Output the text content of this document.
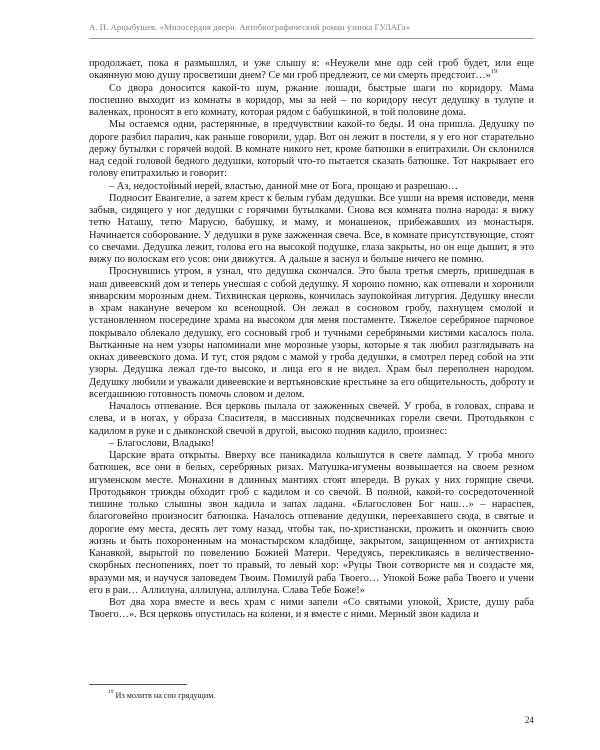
А. П. Арцыбушев. «Милосердия двери. Автобиографический роман узника ГУЛАГа»

продолжает, пока я размышлял, и уже слышу я: «Неужели мне одр сей гроб будет, или еще окаянную мою душу просветиши днем? Се ми гроб предлежит, се ми смерть предстоит…»$^{19}$

Со двора доносится какой-то шум, ржание лошади, быстрые шаги по коридору. Мама поспешно выходит из комнаты в коридор, мы за ней – по коридору несут дедушку в тулупе и валенках, проносят в его комнату, которая рядом с бабушкиной, в той половине дома.

Мы остаемся одни, растерянные, в предчувствии какой-то беды. И она пришла. Дедушку по дороге разбил паралич, как раньше говорили, удар. Вот он лежит в постели, я у его ног старательно держу бутылки с горячей водой. В комнате никого нет, кроме батюшки в епитрахили. Он склонился над седой головой бедного дедушки, который что-то пытается сказать батюшке. Тот накрывает его голову епитрахилью и говорит:

– Аз, недостойный иерей, властью, данной мне от Бога, прощаю и разрешаю…

Подносит Евангелие, а затем крест к белым губам дедушки. Все ушли на время исповеди, меня забыв, сидящего у ног дедушки с горячими бутылками. Снова вся комната полна народа: я вижу тетю Наташу, тетю Марусю, бабушку, и маму, и монашенок, прибежавших из монастыря. Начинается соборование. У дедушки в руке зажженная свеча. Все, в комнате присутствующие, стоят со свечами. Дедушка лежит, голова его на высокой подушке, глаза закрыты, но он еще дышит, я это вижу по волоскам его усов: они движутся. А дальше я заснул и больше ничего не помню.

Проснувшись утром, я узнал, что дедушка скончался. Это была третья смерть, пришедшая в наш дивеевский дом и теперь унесшая с собой дедушку. Я хорошо помню, как отпевали и хоронили январским морозным днем. Тихвинская церковь, кончилась заупокойная литургия. Дедушку внесли в храм накануне вечером ко всенощной. Он лежал в сосновом гробу, пахнущем смолой и установленном посередине храма на высоком для меня постаменте. Тяжелое серебряное парчовое покрывало облекало дедушку, его сосновый гроб и тучными серебряными кистями касалось пола. Вытканные на нем узоры напоминали мне морозные узоры, которые я так любил разглядывать на окнах дивеевского дома. И тут, стоя рядом с мамой у гроба дедушки, я смотрел перед собой на эти узоры. Дедушка лежал где-то высоко, и лица его я не видел. Храм был переполнен народом. Дедушку любили и уважали дивеевские и вертьяновские крестьяне за его общительность, доброту и всегдашнюю готовность помочь словом и делом.

Началось отпевание. Вся церковь пылала от зажженных свечей. У гроба, в головах, справа и слева, и в ногах, у образа Спасителя, в массивных подсвечниках горели свечи. Протодьякон с кадилом в руке и с дьяконской свечой в другой, высоко подняв кадило, произнес:

– Благослови, Владыко!

Царские врата открыты. Вверху все паникадила колышутся в свете лампад. У гроба много батюшек, все они в белых, серебряных ризах. Матушка-игумены возвышается на своем резном игуменском месте. Монахини в длинных мантиях стоят впереди. В руках у них горящие свечи. Протодьякон трижды обходит гроб с кадилом и со свечой. В полной, какой-то сосредоточенной тишине только слышны звон кадила и запах ладана. «Благословен Бог наш…» – нараспев, благоговейно произносит батюшка. Началось отпевание дедушки, переехавшего сюда, в святые и дорогие ему места, десять лет тому назад, чтобы так, по-христиански, прожить и окончить свою жизнь и быть похороненным на монастырском кладбище, закрытом, защищенном от антихриста Канавкой, вырытой по повелению Божией Матери. Чередуясь, перекликаясь в величественно-скорбных песнопениях, поет то правый, то левый хор: «Руцы Твои сотвористе мя и создасте мя, вразуми мя, и научуся заповедем Твоим. Помилуй раба Твоего… Упокой Боже раба Твоего и учени его в раи… Аллилуна, аллилуна, аллилуна. Слава Тебе Боже!»

Вот два хора вместе и весь храм с ними запели «Со святыми упокой, Христе, душу раба Твоего…». Вся церковь опустилась на колени, и я вместе с ними. Мерный звон кадила и

$^{19}$ Из молитв на сон грядущим.
24
